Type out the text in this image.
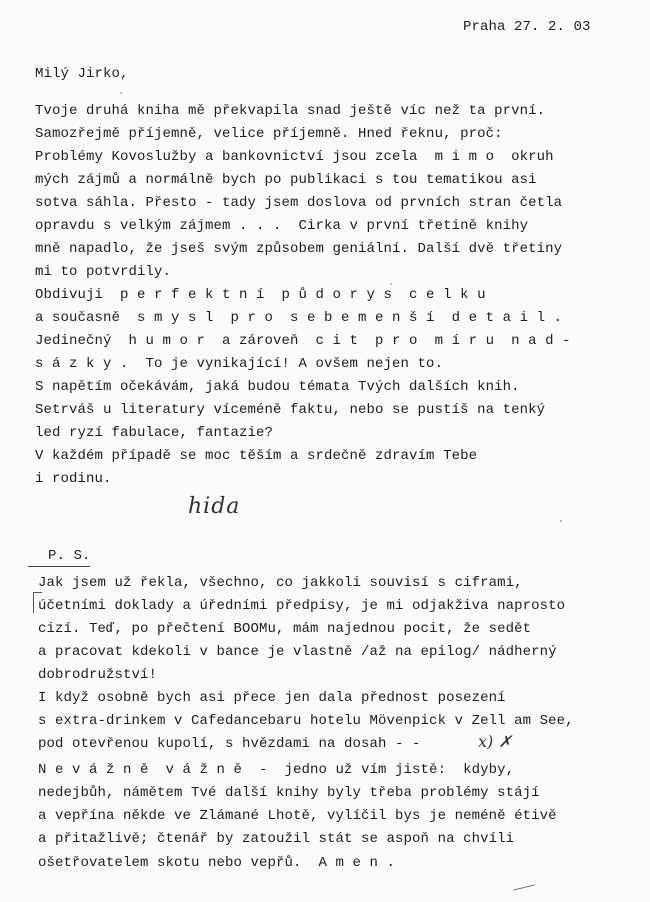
Praha 27. 2. 03
Milý Jirko,
Tvoje druhá kniha mě překvapila snad ještě víc než ta první.
Samozřejmě příjemně, velice příjemně. Hned řeknu, proč:
Problémy Kovoslužby a bankovnictví jsou zcela  m i m o  okruh
mých zájmů a normálně bych po publikaci s tou tematikou asi
sotva sáhla. Přesto - tady jsem doslova od prvních stran četla
opravdu s velkým zájmem . . .  Cirka v první třetině knihy
mně napadlo, že jseš svým způsobem geniální. Další dvě třetiny
mi to potvrdily.
Obdivuji  p e r f e k t n í  p ů d o r y s  c e l k u
a současně  s m y s l  p r o  s e b e m e n š í  d e t a i l .
Jedinečný  h u m o r  a zároveň  c i t  p r o  m í r u  n a d -
s á z k y .  To je vynikající! A ovšem nejen to.
S napětím očekávám, jaká budou témata Tvých dalších knih.
Setrváš u literatury víceméně faktu, nebo se pustíš na tenký
led ryzí fabulace, fantazie?
V každém případě se moc těším a srdečně zdravím Tebe
i rodinu.
hida
P. S.
Jak jsem už řekla, všechno, co jakkoli souvisí s ciframi,
účetními doklady a úředními předpisy, je mi odjakživa naprosto
cizí. Teď, po přečtení BOOMu, mám najednou pocit, že sedět
a pracovat kdekoli v bance je vlastně /až na epilog/ nádherný
dobrodružství!
I když osobně bych asi přece jen dala přednost posezení
s extra-drinkem v Cafedancebaru hotelu Mövenpick v Zell am See,
pod otevřenou kupolí, s hvězdami na dosah - -
N e v á ž n ě  v á ž n ě  -  jedno už vím jistě:  kdyby,
nedejbůh, námětem Tvé další knihy byly třeba problémy stájí
a vepřína někde ve Zlámané Lhotě, vylíčil bys je neméně étivě
a přitažlivě; čtenář by zatoužil stát se aspoň na chvíli
ošetřovatelem skotu nebo vepřů.  A m e n .
x) ✗
